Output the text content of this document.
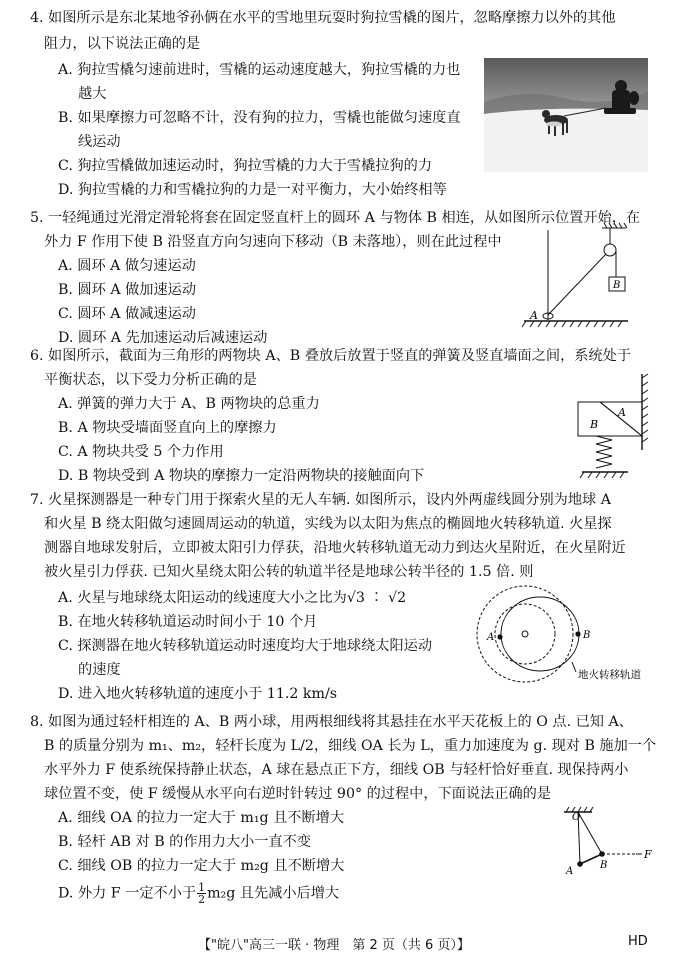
4. 如图所示是东北某地爷孙俩在水平的雪地里玩耍时狗拉雪橇的图片，忽略摩擦力以外的其他
阻力，以下说法正确的是
A. 狗拉雪橇匀速前进时，雪橇的运动速度越大，狗拉雪橇的力也
越大
B. 如果摩擦力可忽略不计，没有狗的拉力，雪橇也能做匀速度直
线运动
C. 狗拉雪橇做加速运动时，狗拉雪橇的力大于雪橇拉狗的力
D. 狗拉雪橇的力和雪橇拉狗的力是一对平衡力，大小始终相等
5. 一轻绳通过光滑定滑轮将套在固定竖直杆上的圆环 A 与物体 B 相连，从如图所示位置开始，在
外力 F 作用下使 B 沿竖直方向匀速向下移动（B 未落地），则在此过程中
A. 圆环 A 做匀速运动
B. 圆环 A 做加速运动
C. 圆环 A 做减速运动
D. 圆环 A 先加速运动后减速运动
A
B
6. 如图所示，截面为三角形的两物块 A、B 叠放后放置于竖直的弹簧及竖直墙面之间，系统处于
平衡状态，以下受力分析正确的是
A. 弹簧的弹力大于 A、B 两物块的总重力
B. A 物块受墙面竖直向上的摩擦力
C. A 物块共受 5 个力作用
D. B 物块受到 A 物块的摩擦力一定沿两物块的接触面向下
A
B
7. 火星探测器是一种专门用于探索火星的无人车辆. 如图所示，设内外两虚线圆分别为地球 A
和火星 B 绕太阳做匀速圆周运动的轨道，实线为以太阳为焦点的椭圆地火转移轨道. 火星探
测器自地球发射后，立即被太阳引力俘获，沿地火转移轨道无动力到达火星附近，在火星附近
被火星引力俘获. 已知火星绕太阳公转的轨道半径是地球公转半径的 1.5 倍. 则
A. 火星与地球绕太阳运动的线速度大小之比为√3 ∶ √2
B. 在地火转移轨道运动时间小于 10 个月
C. 探测器在地火转移轨道运动时速度均大于地球绕太阳运动
的速度
D. 进入地火转移轨道的速度小于 11.2 km/s
A	B
地火转移轨道
8. 如图为通过轻杆相连的 A、B 两小球，用两根细线将其悬挂在水平天花板上的 O 点. 已知 A、
B 的质量分别为 m₁、m₂，轻杆长度为 L/2，细线 OA 长为 L，重力加速度为 g. 现对 B 施加一个
水平外力 F 使系统保持静止状态，A 球在悬点正下方，细线 OB 与轻杆恰好垂直. 现保持两小
球位置不变，使 F 缓慢从水平向右逆时针转过 90° 的过程中，下面说法正确的是
A. 细线 OA 的拉力一定大于 m₁g 且不断增大
B. 轻杆 AB 对 B 的作用力大小一直不变
C. 细线 OB 的拉力一定大于 m₂g 且不断增大
D. 外力 F 一定不小于 $\frac{1}{2} m_2g$ 且先减小后增大
O
A
B
F
【"皖八"高三一联 · 物理　第 2 页（共 6 页）】	HD
